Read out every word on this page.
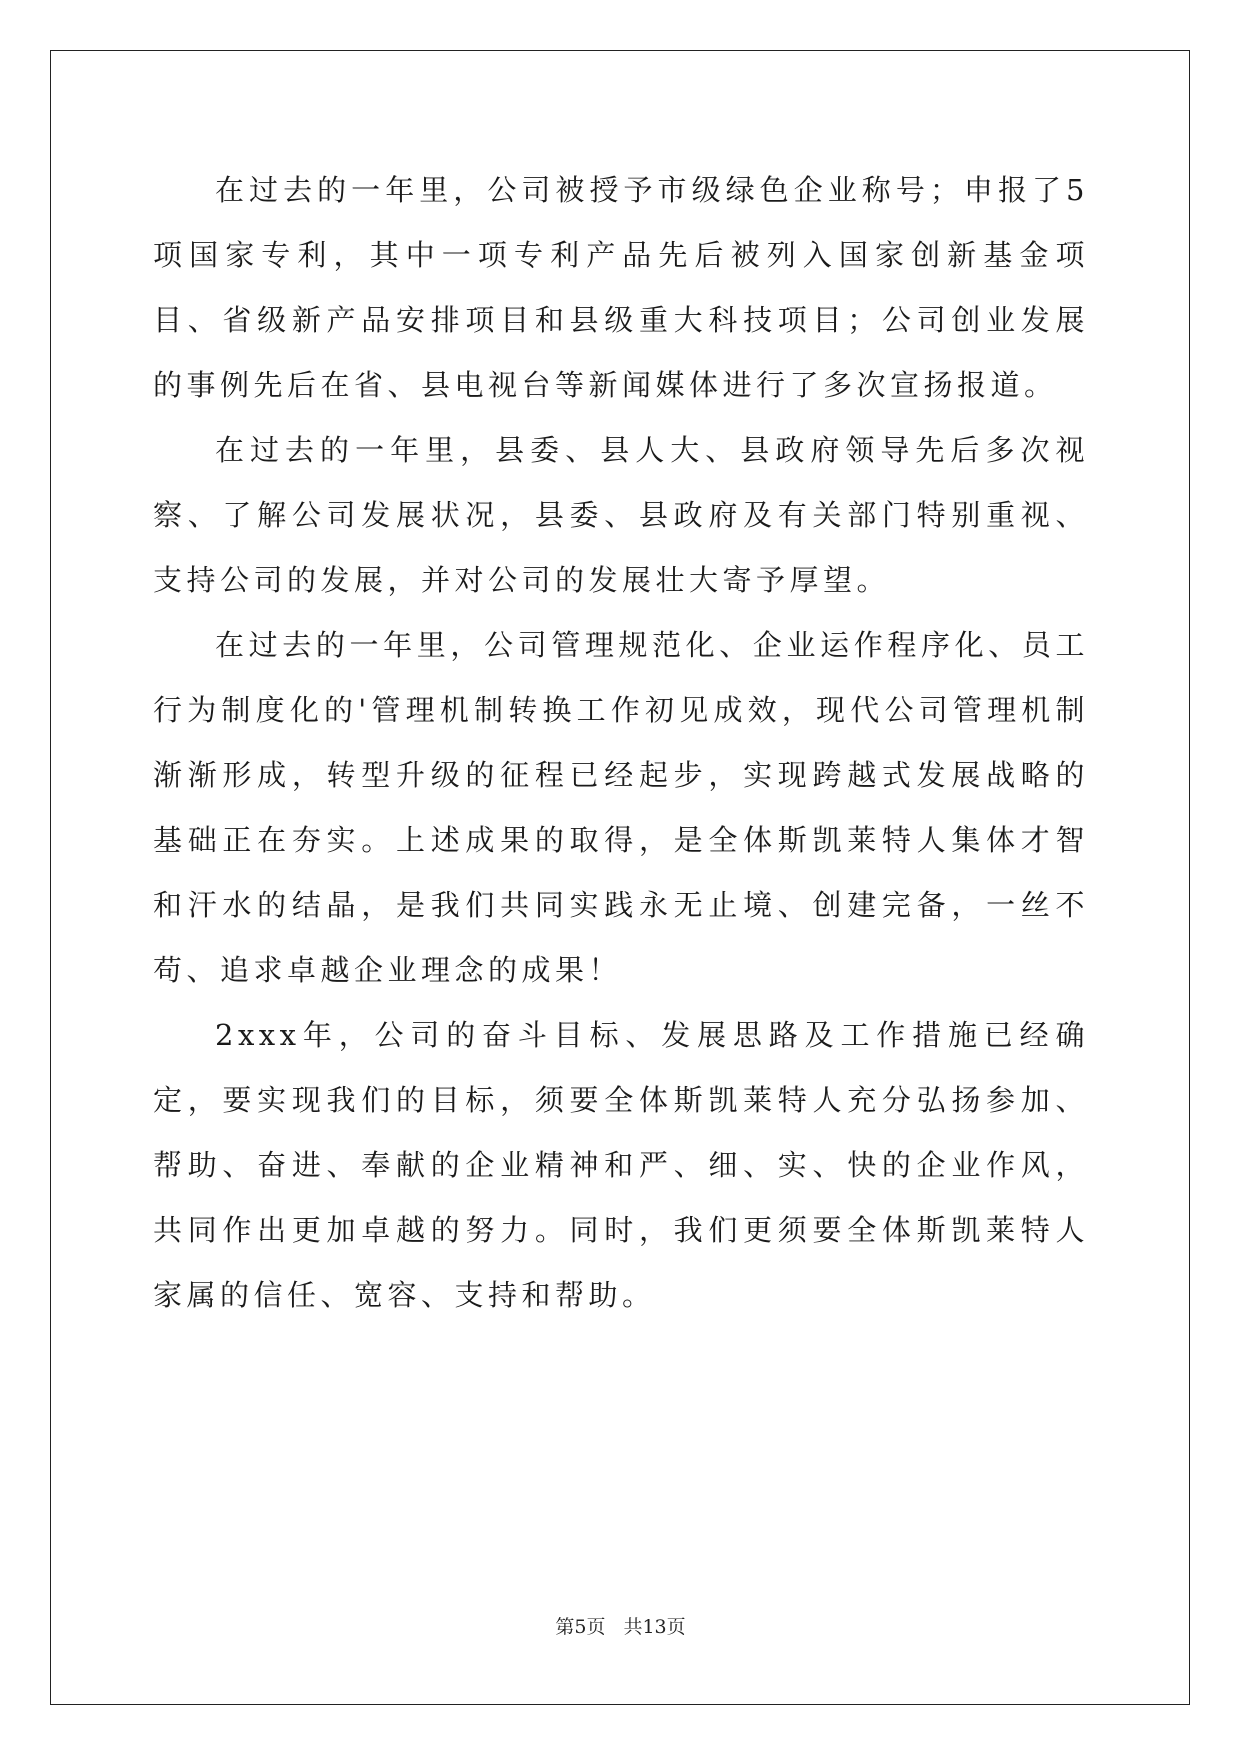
在过去的一年里，公司被授予市级绿色企业称号；申报了5项国家专利，其中一项专利产品先后被列入国家创新基金项目、省级新产品安排项目和县级重大科技项目；公司创业发展的事例先后在省、县电视台等新闻媒体进行了多次宣扬报道。

在过去的一年里，县委、县人大、县政府领导先后多次视察、了解公司发展状况，县委、县政府及有关部门特别重视、支持公司的发展，并对公司的发展壮大寄予厚望。

在过去的一年里，公司管理规范化、企业运作程序化、员工行为制度化的'管理机制转换工作初见成效，现代公司管理机制渐渐形成，转型升级的征程已经起步，实现跨越式发展战略的基础正在夯实。上述成果的取得，是全体斯凯莱特人集体才智和汗水的结晶，是我们共同实践永无止境、创建完备，一丝不苟、追求卓越企业理念的成果！

2xxx年，公司的奋斗目标、发展思路及工作措施已经确定，要实现我们的目标，须要全体斯凯莱特人充分弘扬参加、帮助、奋进、奉献的企业精神和严、细、实、快的企业作风，共同作出更加卓越的努力。同时，我们更须要全体斯凯莱特人家属的信任、宽容、支持和帮助。

第5页 共13页
